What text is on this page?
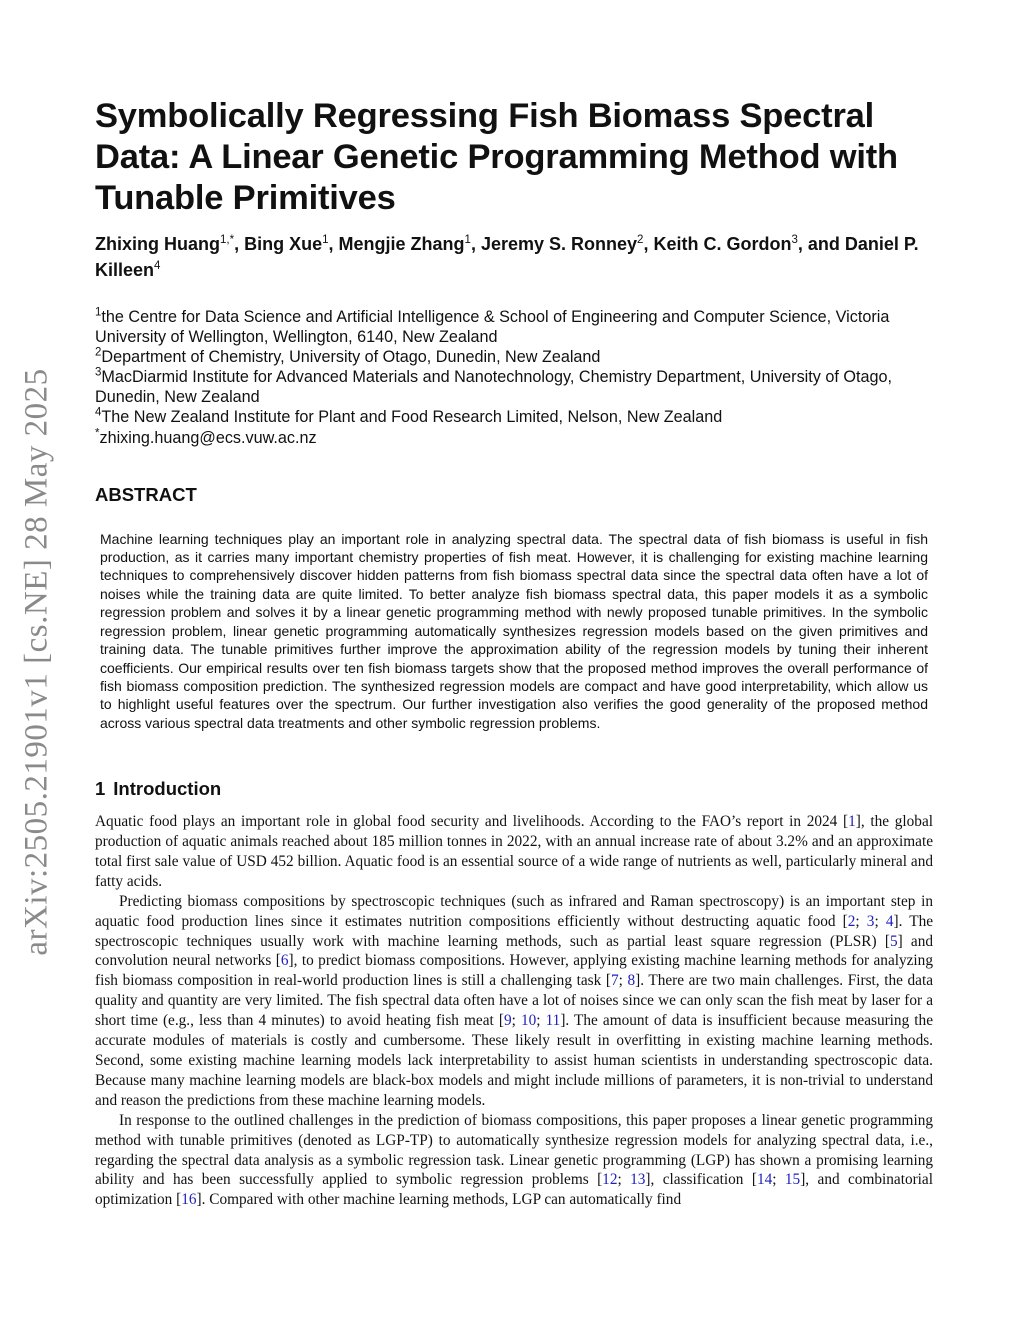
arXiv:2505.21901v1 [cs.NE] 28 May 2025
Symbolically Regressing Fish Biomass Spectral Data: A Linear Genetic Programming Method with Tunable Primitives
Zhixing Huang$^{1,*}$, Bing Xue$^1$, Mengjie Zhang$^1$, Jeremy S. Ronney$^2$, Keith C. Gordon$^3$, and Daniel P. Killeen$^4$

$^1$the Centre for Data Science and Artificial Intelligence & School of Engineering and Computer Science, Victoria University of Wellington, Wellington, 6140, New Zealand

$^2$Department of Chemistry, University of Otago, Dunedin, New Zealand

$^3$MacDiarmid Institute for Advanced Materials and Nanotechnology, Chemistry Department, University of Otago, Dunedin, New Zealand

$^4$The New Zealand Institute for Plant and Food Research Limited, Nelson, New Zealand

*zhixing.huang@ecs.vuw.ac.nz

ABSTRACT

Machine learning techniques play an important role in analyzing spectral data. The spectral data of fish biomass is useful in fish production, as it carries many important chemistry properties of fish meat. However, it is challenging for existing machine learning techniques to comprehensively discover hidden patterns from fish biomass spectral data since the spectral data often have a lot of noises while the training data are quite limited. To better analyze fish biomass spectral data, this paper models it as a symbolic regression problem and solves it by a linear genetic programming method with newly proposed tunable primitives. In the symbolic regression problem, linear genetic programming automatically synthesizes regression models based on the given primitives and training data. The tunable primitives further improve the approximation ability of the regression models by tuning their inherent coefficients. Our empirical results over ten fish biomass targets show that the proposed method improves the overall performance of fish biomass composition prediction. The synthesized regression models are compact and have good interpretability, which allow us to highlight useful features over the spectrum. Our further investigation also verifies the good generality of the proposed method across various spectral data treatments and other symbolic regression problems.

1 Introduction

Aquatic food plays an important role in global food security and livelihoods. According to the FAO’s report in 2024 [1], the global production of aquatic animals reached about 185 million tonnes in 2022, with an annual increase rate of about 3.2% and an approximate total first sale value of USD 452 billion. Aquatic food is an essential source of a wide range of nutrients as well, particularly mineral and fatty acids.

Predicting biomass compositions by spectroscopic techniques (such as infrared and Raman spectroscopy) is an important step in aquatic food production lines since it estimates nutrition compositions efficiently without destructing aquatic food [2; 3; 4]. The spectroscopic techniques usually work with machine learning methods, such as partial least square regression (PLSR) [5] and convolution neural networks [6], to predict biomass compositions. However, applying existing machine learning methods for analyzing fish biomass composition in real-world production lines is still a challenging task [7; 8]. There are two main challenges. First, the data quality and quantity are very limited. The fish spectral data often have a lot of noises since we can only scan the fish meat by laser for a short time (e.g., less than 4 minutes) to avoid heating fish meat [9; 10; 11]. The amount of data is insufficient because measuring the accurate modules of materials is costly and cumbersome. These likely result in overfitting in existing machine learning methods. Second, some existing machine learning models lack interpretability to assist human scientists in understanding spectroscopic data. Because many machine learning models are black-box models and might include millions of parameters, it is non-trivial to understand and reason the predictions from these machine learning models.

In response to the outlined challenges in the prediction of biomass compositions, this paper proposes a linear genetic programming method with tunable primitives (denoted as LGP-TP) to automatically synthesize regression models for analyzing spectral data, i.e., regarding the spectral data analysis as a symbolic regression task. Linear genetic programming (LGP) has shown a promising learning ability and has been successfully applied to symbolic regression problems [12; 13], classification [14; 15], and combinatorial optimization [16]. Compared with other machine learning methods, LGP can automatically find
